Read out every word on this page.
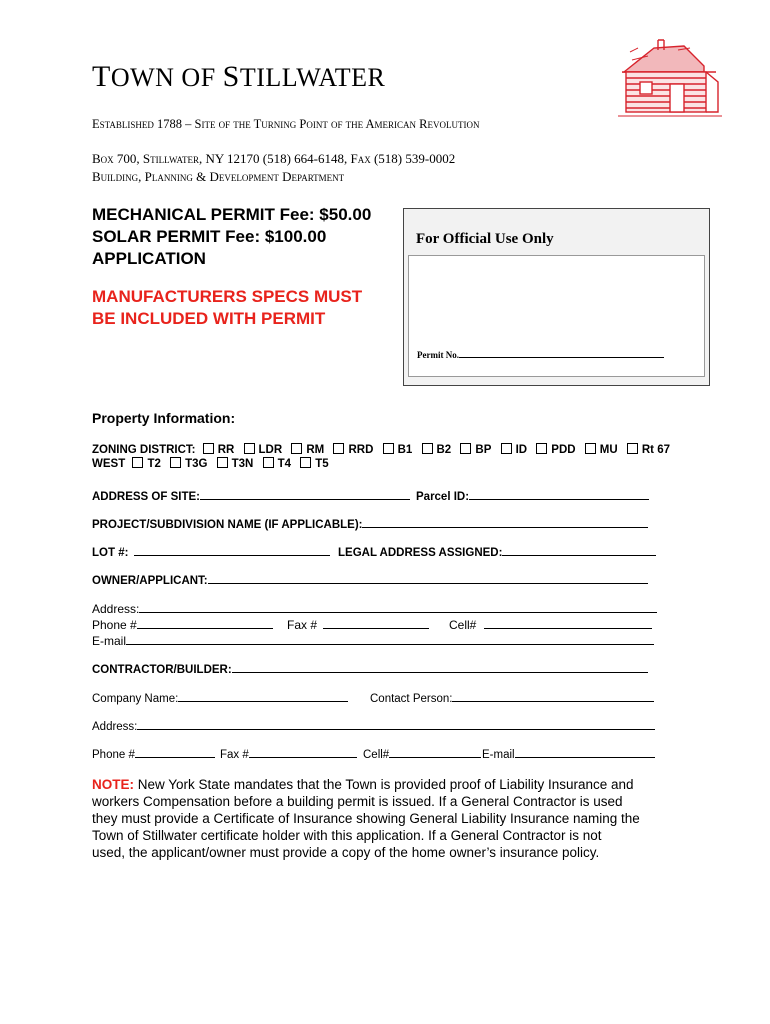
TOWN OF STILLWATER
Established 1788 – Site of the Turning Point of the American Revolution
Box 700, Stillwater, NY 12170 (518) 664-6148, Fax (518) 539-0002
Building, Planning & Development Department
MECHANICAL PERMIT Fee: $50.00
SOLAR PERMIT Fee: $100.00
APPLICATION
MANUFACTURERS SPECS MUST
BE INCLUDED WITH PERMIT
For Official Use Only
Permit No.
Property Information:
ZONING DISTRICT: RR LDR RM RRD B1 B2 BP ID PDD MU Rt 67
WEST T2 T3G T3N T4 T5
ADDRESS OF SITE:	Parcel ID:
PROJECT/SUBDIVISION NAME (IF APPLICABLE):
LOT #:	LEGAL ADDRESS ASSIGNED:
OWNER/APPLICANT:
Address:
Phone #	Fax #	Cell#
E-mail
CONTRACTOR/BUILDER:
Company Name:	Contact Person:
Address:
Phone #	Fax #	Cell#	E-mail
NOTE: New York State mandates that the Town is provided proof of Liability Insurance and
workers Compensation before a building permit is issued. If a General Contractor is used
they must provide a Certificate of Insurance showing General Liability Insurance naming the
Town of Stillwater certificate holder with this application. If a General Contractor is not
used, the applicant/owner must provide a copy of the home owner’s insurance policy.
